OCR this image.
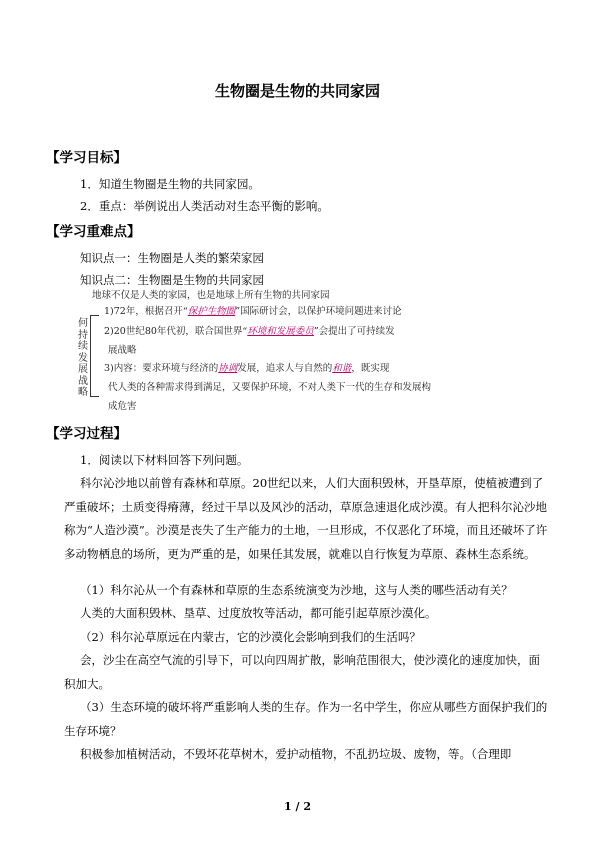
生物圈是生物的共同家园
【学习目标】
1．知道生物圈是生物的共同家园。
2．重点：举例说出人类活动对生态平衡的影响。
【学习重难点】
知识点一：生物圈是人类的繁荣家园
知识点二：生物圈是生物的共同家园
地球不仅是人类的家园，也是地球上所有生物的共同家园
何持续发展战略
1)72年，根据召开“保护生物圈”国际研讨会，以保护环境问题进来讨论
2)20世纪80年代初，联合国世界“环境和发展委员”会提出了可持续发
展战略
3)内容：要求环境与经济的协调发展，追求人与自然的和谐，既实现
代人类的各种需求得到满足，又要保护环境，不对人类下一代的生存和发展构
成危害
【学习过程】
1．阅读以下材料回答下列问题。
科尔沁沙地以前曾有森林和草原。20世纪以来，人们大面积毁林，开垦草原，使植被遭到了严重破坏；土质变得瘠薄，经过干旱以及风沙的活动，草原急速退化成沙漠。有人把科尔沁沙地称为“人造沙漠”。沙漠是丧失了生产能力的土地，一旦形成，不仅恶化了环境，而且还破坏了许多动物栖息的场所，更为严重的是，如果任其发展，就难以自行恢复为草原、森林生态系统。
（1）科尔沁从一个有森林和草原的生态系统演变为沙地，这与人类的哪些活动有关？
人类的大面积毁林、垦草、过度放牧等活动，都可能引起草原沙漠化。
（2）科尔沁草原远在内蒙古，它的沙漠化会影响到我们的生活吗？
会，沙尘在高空气流的引导下，可以向四周扩散，影响范围很大，使沙漠化的速度加快，面积加大。
（3）生态环境的破坏将严重影响人类的生存。作为一名中学生，你应从哪些方面保护我们的生存环境？
积极参加植树活动，不毁坏花草树木，爱护动植物，不乱扔垃圾、废物，等。（合理即
1 / 2
